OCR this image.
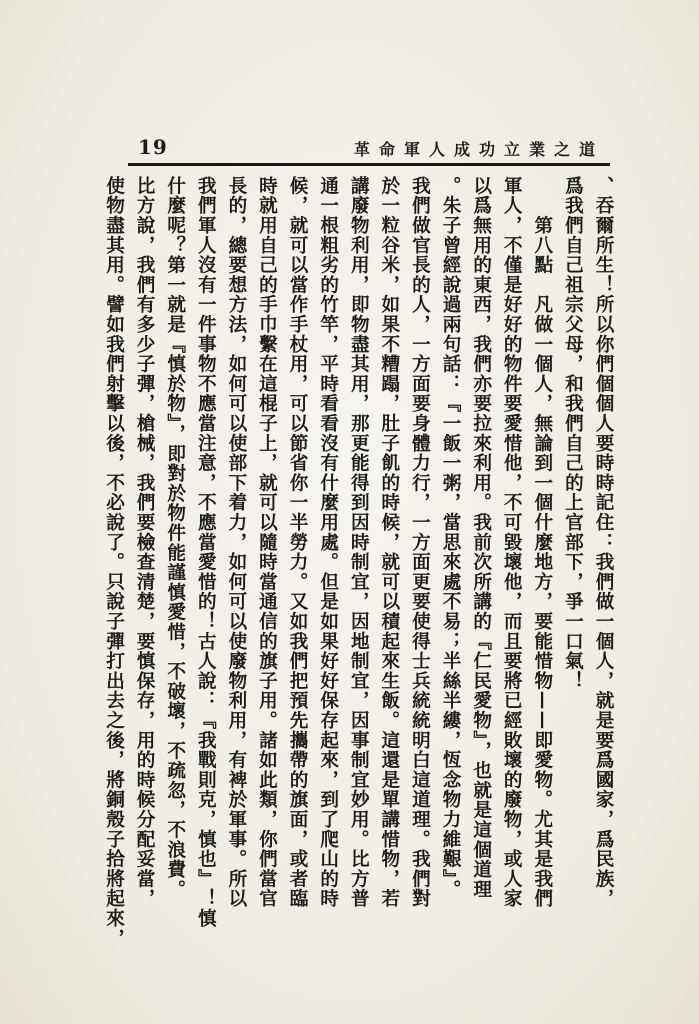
19	革命軍人成功立業之道
、吞爾所生！所以你們個個人要時時記住：我們做一個人，就是要爲國家，爲民族，
爲我們自己祖宗父母，和我們自己的上官部下，爭一口氣！
　　第八點　凡做一個人，無論到一個什麼地方，要能惜物——即愛物。尤其是我們
軍人，不僅是好好的物件要愛惜他，不可毀壞他，而且要將已經敗壞的廢物，或人家
以爲無用的東西，我們亦要拉來利用。我前次所講的『仁民愛物』，也就是這個道理
。朱子曾經說過兩句話：『一飯一粥，當思來處不易；半絲半縷，恆念物力維艱』。
我們做官長的人，一方面要身體力行，一方面更要使得士兵統統明白這道理。我們對
於一粒谷米，如果不糟蹋，肚子飢的時候，就可以積起來生飯。這還是單講惜物，若
講廢物利用，即物盡其用，那更能得到因時制宜，因地制宜，因事制宜妙用。比方普
通一根粗劣的竹竿，平時看看沒有什麼用處。但是如果好好保存起來，到了爬山的時
候，就可以當作手杖用，可以節省你一半勞力。又如我們把預先攜帶的旗面，或者臨
時就用自己的手巾繫在這棍子上，就可以隨時當通信的旗子用。諸如此類，你們當官
長的，總要想方法，如何可以使部下着力，如何可以使廢物利用，有裨於軍事。所以
我們軍人沒有一件事物不應當注意，不應當愛惜的！古人說：『我戰則克，慎也』！慎
什麼呢？第一就是『慎於物』，即對於物件能謹慎愛惜，不破壞，不疏忽，不浪費。
比方說，我們有多少子彈，槍械，我們要檢查清楚，要慎保存，用的時候分配妥當，
使物盡其用。譬如我們射擊以後，不必說了。只說子彈打出去之後，將銅殼子拾將起來，
